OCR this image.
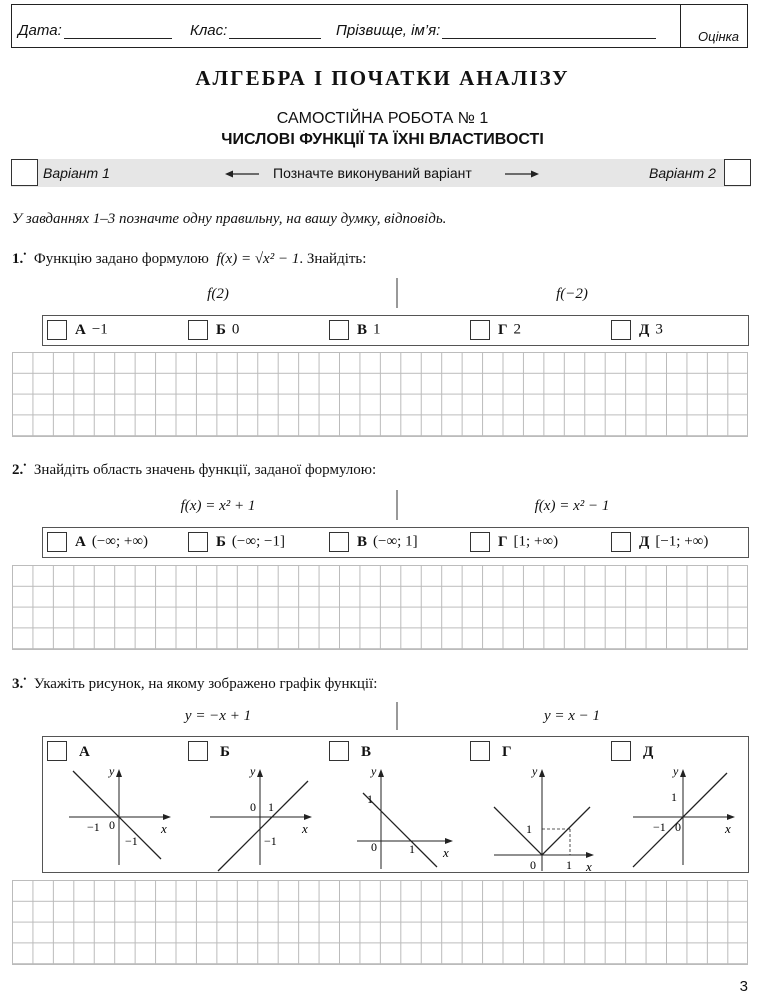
Дата:	Клас:	Прізвище, ім’я:	Оцінка
АЛГЕБРА І ПОЧАТКИ АНАЛІЗУ
САМОСТІЙНА РОБОТА № 1
ЧИСЛОВІ ФУНКЦІЇ ТА ЇХНІ ВЛАСТИВОСТІ
Варіант 1	Позначте виконуваний варіант	Варіант 2
У завданнях 1–3 позначте одну правильну, на вашу думку, відповідь.
1.• Функцію задано формулою f(x) = √x² − 1. Знайдіть:
f(2)	f(−2)
А −1	Б 0	В 1	Г 2	Д 3
2.• Знайдіть область значень функції, заданої формулою:
f(x) = x² + 1	f(x) = x² − 1
А (−∞; +∞)	Б (−∞; −1]	В (−∞; 1]	Г [1; +∞)	Д [−1; +∞)
3.• Укажіть рисунок, на якому зображено графік функції:
y = −x + 1	y = x − 1
А
y
x
−1 0
−1
Б
y
x
0 1
−1
В
y
x
0
1
1
Г
y
x
1
0	1
Д
y
x
−1 0
1
3
